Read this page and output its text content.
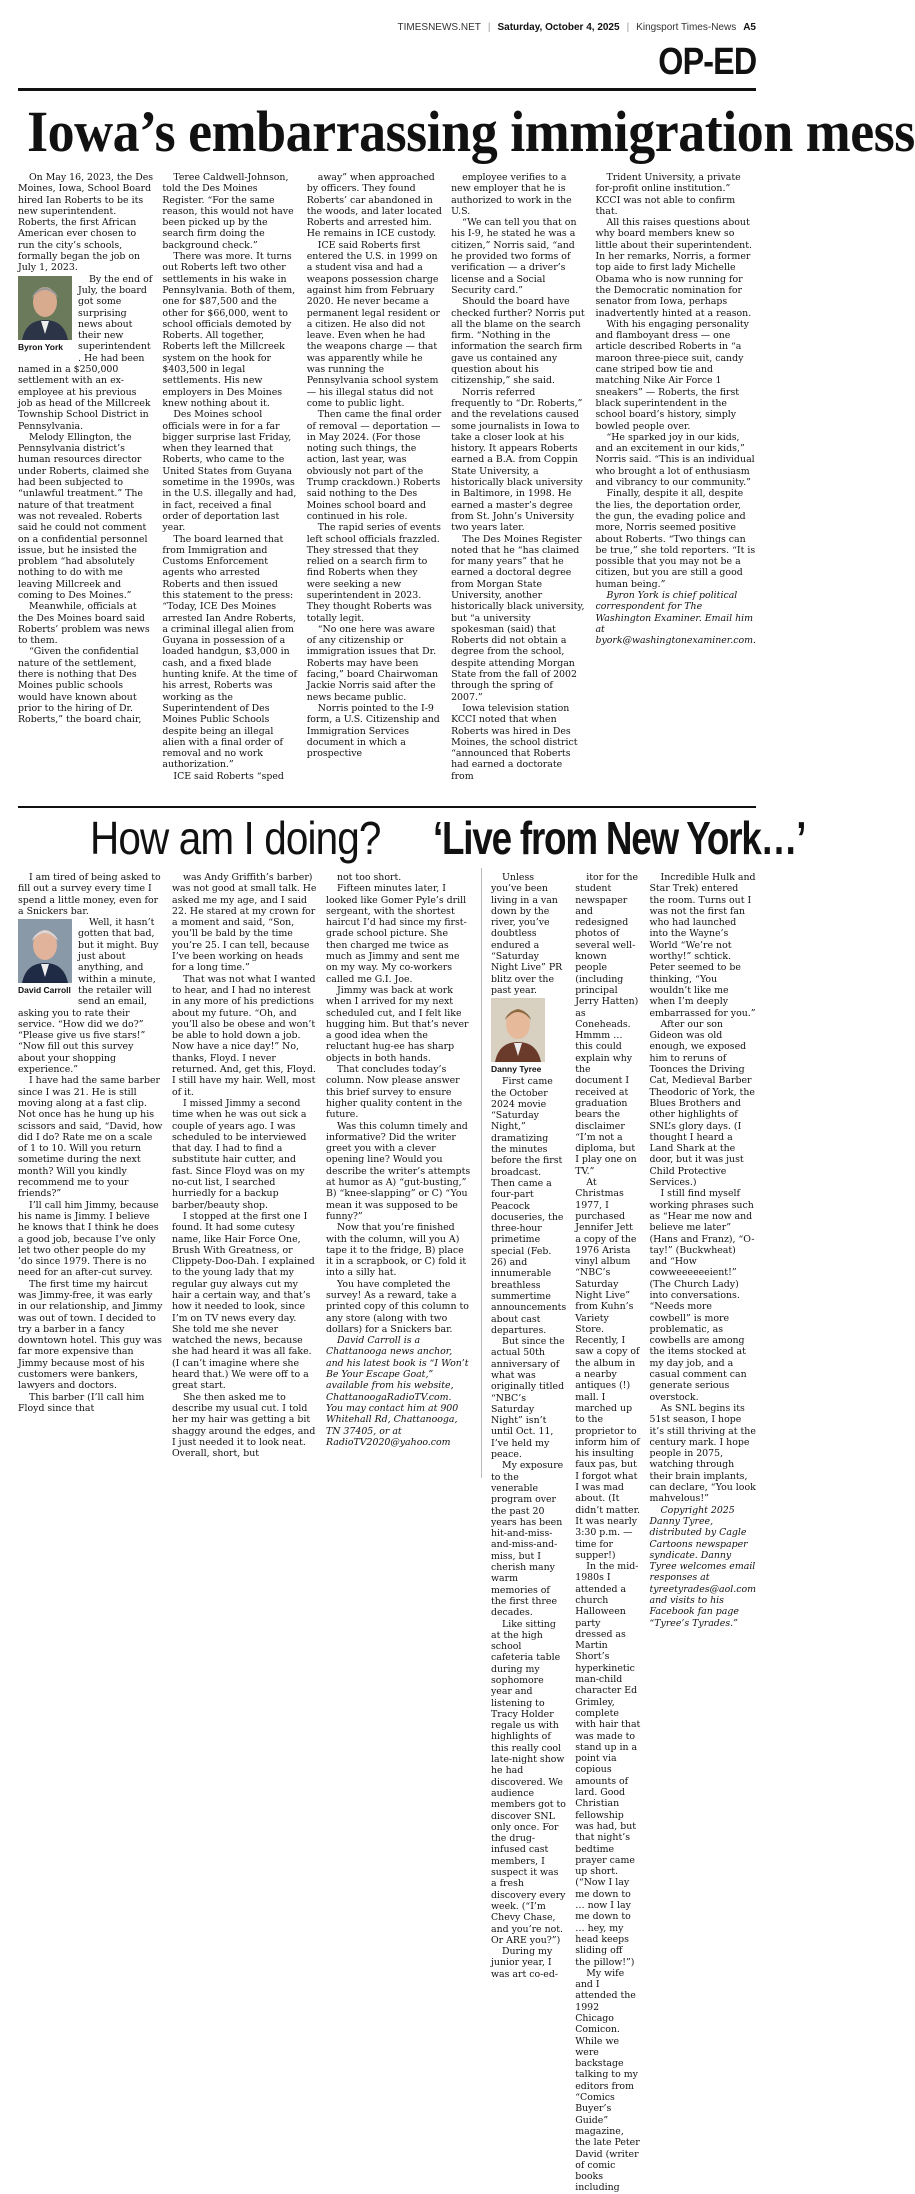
TIMESNEWS.NET | Saturday, October 4, 2025 | Kingsport Times-News A5
OP-ED
Iowa’s embarrassing immigration mess

On May 16, 2023, the Des Moines, Iowa, School Board hired Ian Roberts to be its new superintendent. Roberts, the first African American ever chosen to run the city’s schools, formally began the job on July 1, 2023.

Byron York

By the end of July, the board got some surprising news about their new superintendent. He had been named in a $250,000 settlement with an ex-employee at his previous job as head of the Millcreek Township School District in Pennsylvania.

Melody Ellington, the Pennsylvania district’s human resources director under Roberts, claimed she had been subjected to “unlawful treatment.” The nature of that treatment was not revealed. Roberts said he could not comment on a confidential personnel issue, but he insisted the problem “had absolutely nothing to do with me leaving Millcreek and coming to Des Moines.”

Meanwhile, officials at the Des Moines board said Roberts’ problem was news to them.

“Given the confidential nature of the settlement, there is nothing that Des Moines public schools would have known about prior to the hiring of Dr. Roberts,” the board chair,

Teree Caldwell-Johnson, told the Des Moines Register. “For the same reason, this would not have been picked up by the search firm doing the background check.”

There was more. It turns out Roberts left two other settlements in his wake in Pennsylvania. Both of them, one for $87,500 and the other for $66,000, went to school officials demoted by Roberts. All together, Roberts left the Millcreek system on the hook for $403,500 in legal settlements. His new employers in Des Moines knew nothing about it.

Des Moines school officials were in for a far bigger surprise last Friday, when they learned that Roberts, who came to the United States from Guyana sometime in the 1990s, was in the U.S. illegally and had, in fact, received a final order of deportation last year.

The board learned that from Immigration and Customs Enforcement agents who arrested Roberts and then issued this statement to the press: “Today, ICE Des Moines arrested Ian Andre Roberts, a criminal illegal alien from Guyana in possession of a loaded handgun, $3,000 in cash, and a fixed blade hunting knife. At the time of his arrest, Roberts was working as the Superintendent of Des Moines Public Schools despite being an illegal alien with a final order of removal and no work authorization.”

ICE said Roberts “sped

away” when approached by officers. They found Roberts’ car abandoned in the woods, and later located Roberts and arrested him. He remains in ICE custody.

ICE said Roberts first entered the U.S. in 1999 on a student visa and had a weapons possession charge against him from February 2020. He never became a permanent legal resident or a citizen. He also did not leave. Even when he had the weapons charge — that was apparently while he was running the Pennsylvania school system — his illegal status did not come to public light.

Then came the final order of removal — deportation — in May 2024. (For those noting such things, the action, last year, was obviously not part of the Trump crackdown.) Roberts said nothing to the Des Moines school board and continued in his role.

The rapid series of events left school officials frazzled. They stressed that they relied on a search firm to find Roberts when they were seeking a new superintendent in 2023. They thought Roberts was totally legit.

“No one here was aware of any citizenship or immigration issues that Dr. Roberts may have been facing,” board Chairwoman Jackie Norris said after the news became public.

Norris pointed to the I-9 form, a U.S. Citizenship and Immigration Services document in which a prospective

employee verifies to a new employer that he is authorized to work in the U.S.

“We can tell you that on his I-9, he stated he was a citizen,” Norris said, “and he provided two forms of verification — a driver’s license and a Social Security card.”

Should the board have checked further? Norris put all the blame on the search firm. “Nothing in the information the search firm gave us contained any question about his citizenship,” she said.

Norris referred frequently to “Dr. Roberts,” and the revelations caused some journalists in Iowa to take a closer look at his history. It appears Roberts earned a B.A. from Coppin State University, a historically black university in Baltimore, in 1998. He earned a master’s degree from St. John’s University two years later.

The Des Moines Register noted that he “has claimed for many years” that he earned a doctoral degree from Morgan State University, another historically black university, but “a university spokesman (said) that Roberts did not obtain a degree from the school, despite attending Morgan State from the fall of 2002 through the spring of 2007.”

Iowa television station KCCI noted that when Roberts was hired in Des Moines, the school district “announced that Roberts had earned a doctorate from

Trident University, a private for-profit online institution.” KCCI was not able to confirm that.

All this raises questions about why board members knew so little about their superintendent. In her remarks, Norris, a former top aide to first lady Michelle Obama who is now running for the Democratic nomination for senator from Iowa, perhaps inadvertently hinted at a reason.

With his engaging personality and flamboyant dress — one article described Roberts in “a maroon three-piece suit, candy cane striped bow tie and matching Nike Air Force 1 sneakers” — Roberts, the first black superintendent in the school board’s history, simply bowled people over.

“He sparked joy in our kids, and an excitement in our kids,” Norris said. “This is an individual who brought a lot of enthusiasm and vibrancy to our community.”

Finally, despite it all, despite the lies, the deportation order, the gun, the evading police and more, Norris seemed positive about Roberts. “Two things can be true,” she told reporters. “It is possible that you may not be a citizen, but you are still a good human being.”

Byron York is chief political correspondent for The Washington Examiner. Email him at byork@washingtonexaminer.com.

How am I doing? ‘Live from New York…’

I am tired of being asked to fill out a survey every time I spend a little money, even for a Snickers bar.

David Carroll

Well, it hasn’t gotten that bad, but it might. Buy just about anything, and within a minute, the retailer will send an email, asking you to rate their service. “How did we do?” “Please give us five stars!” “Now fill out this survey about your shopping experience.”

I have had the same barber since I was 21. He is still moving along at a fast clip. Not once has he hung up his scissors and said, “David, how did I do? Rate me on a scale of 1 to 10. Will you return sometime during the next month? Will you kindly recommend me to your friends?”

I’ll call him Jimmy, because his name is Jimmy. I believe he knows that I think he does a good job, because I’ve only let two other people do my ’do since 1979. There is no need for an after-cut survey.

The first time my haircut was Jimmy-free, it was early in our relationship, and Jimmy was out of town. I decided to try a barber in a fancy downtown hotel. This guy was far more expensive than Jimmy because most of his customers were bankers, lawyers and doctors.

This barber (I’ll call him Floyd since that

was Andy Griffith’s barber) was not good at small talk. He asked me my age, and I said 22. He stared at my crown for a moment and said, “Son, you’ll be bald by the time you’re 25. I can tell, because I’ve been working on heads for a long time.”

That was not what I wanted to hear, and I had no interest in any more of his predictions about my future. “Oh, and you’ll also be obese and won’t be able to hold down a job. Now have a nice day!” No, thanks, Floyd. I never returned. And, get this, Floyd. I still have my hair. Well, most of it.

I missed Jimmy a second time when he was out sick a couple of years ago. I was scheduled to be interviewed that day. I had to find a substitute hair cutter, and fast. Since Floyd was on my no-cut list, I searched hurriedly for a backup barber/beauty shop.

I stopped at the first one I found. It had some cutesy name, like Hair Force One, Brush With Greatness, or Clippety-Doo-Dah. I explained to the young lady that my regular guy always cut my hair a certain way, and that’s how it needed to look, since I’m on TV news every day. She told me she never watched the news, because she had heard it was all fake. (I can’t imagine where she heard that.) We were off to a great start.

She then asked me to describe my usual cut. I told her my hair was getting a bit shaggy around the edges, and I just needed it to look neat. Overall, short, but

not too short.

Fifteen minutes later, I looked like Gomer Pyle’s drill sergeant, with the shortest haircut I’d had since my first-grade school picture. She then charged me twice as much as Jimmy and sent me on my way. My co-workers called me G.I. Joe.

Jimmy was back at work when I arrived for my next scheduled cut, and I felt like hugging him. But that’s never a good idea when the reluctant hug-ee has sharp objects in both hands.

That concludes today’s column. Now please answer this brief survey to ensure higher quality content in the future.

Was this column timely and informative? Did the writer greet you with a clever opening line? Would you describe the writer’s attempts at humor as A) “gut-busting,” B) “knee-slapping” or C) “You mean it was supposed to be funny?”

Now that you’re finished with the column, will you A) tape it to the fridge, B) place it in a scrapbook, or C) fold it into a silly hat.

You have completed the survey! As a reward, take a printed copy of this column to any store (along with two dollars) for a Snickers bar.

David Carroll is a Chattanooga news anchor, and his latest book is “I Won’t Be Your Escape Goat,” available from his website, ChattanoogaRadioTV.com. You may contact him at 900 Whitehall Rd, Chattanooga, TN 37405, or at RadioTV2020@yahoo.com

Unless you’ve been living in a van down by the river, you’ve doubtless endured a “Saturday Night Live” PR blitz over the past year.

Danny Tyree

First came the October 2024 movie “Saturday Night,” dramatizing the minutes before the first broadcast. Then came a four-part Peacock docuseries, the three-hour primetime special (Feb. 26) and innumerable breathless summertime announcements about cast departures.

But since the actual 50th anniversary of what was originally titled “NBC’s Saturday Night” isn’t until Oct. 11, I’ve held my peace.

My exposure to the venerable program over the past 20 years has been hit-and-miss-and-miss-and-miss, but I cherish many warm memories of the first three decades.

Like sitting at the high school cafeteria table during my sophomore year and listening to Tracy Holder regale us with highlights of this really cool late-night show he had discovered. We audience members got to discover SNL only once. For the drug-infused cast members, I suspect it was a fresh discovery every week. (“I’m Chevy Chase, and you’re not. Or ARE you?”)

During my junior year, I was art co-ed-

itor for the student newspaper and redesigned photos of several well-known people (including principal Jerry Hatten) as Coneheads. Hmmm … this could explain why the document I received at graduation bears the disclaimer “I’m not a diploma, but I play one on TV.”

At Christmas 1977, I purchased Jennifer Jett a copy of the 1976 Arista vinyl album “NBC’s Saturday Night Live” from Kuhn’s Variety Store. Recently, I saw a copy of the album in a nearby antiques (!) mall. I marched up to the proprietor to inform him of his insulting faux pas, but I forgot what I was mad about. (It didn’t matter. It was nearly 3:30 p.m. — time for supper!)

In the mid-1980s I attended a church Halloween party dressed as Martin Short’s hyperkinetic man-child character Ed Grimley, complete with hair that was made to stand up in a point via copious amounts of lard. Good Christian fellowship was had, but that night’s bedtime prayer came up short. (“Now I lay me down to … now I lay me down to … hey, my head keeps sliding off the pillow!”)

My wife and I attended the 1992 Chicago Comicon. While we were backstage talking to my editors from “Comics Buyer’s Guide” magazine, the late Peter David (writer of comic books including

Incredible Hulk and Star Trek) entered the room. Turns out I was not the first fan who had launched into the Wayne’s World “We’re not worthy!” schtick. Peter seemed to be thinking, “You wouldn’t like me when I’m deeply embarrassed for you.”

After our son Gideon was old enough, we exposed him to reruns of Toonces the Driving Cat, Medieval Barber Theodoric of York, the Blues Brothers and other highlights of SNL’s glory days. (I thought I heard a Land Shark at the door, but it was just Child Protective Services.)

I still find myself working phrases such as “Hear me now and believe me later” (Hans and Franz), “O-tay!” (Buckwheat) and “How cowweeeeeeient!” (The Church Lady) into conversations. “Needs more cowbell” is more problematic, as cowbells are among the items stocked at my day job, and a casual comment can generate serious overstock.

As SNL begins its 51st season, I hope it’s still thriving at the century mark. I hope people in 2075, watching through their brain implants, can declare, “You look mahvelous!”

Copyright 2025 Danny Tyree, distributed by Cagle Cartoons newspaper syndicate. Danny Tyree welcomes email responses at tyreetyrades@aol.com and visits to his Facebook fan page “Tyree’s Tyrades.”
